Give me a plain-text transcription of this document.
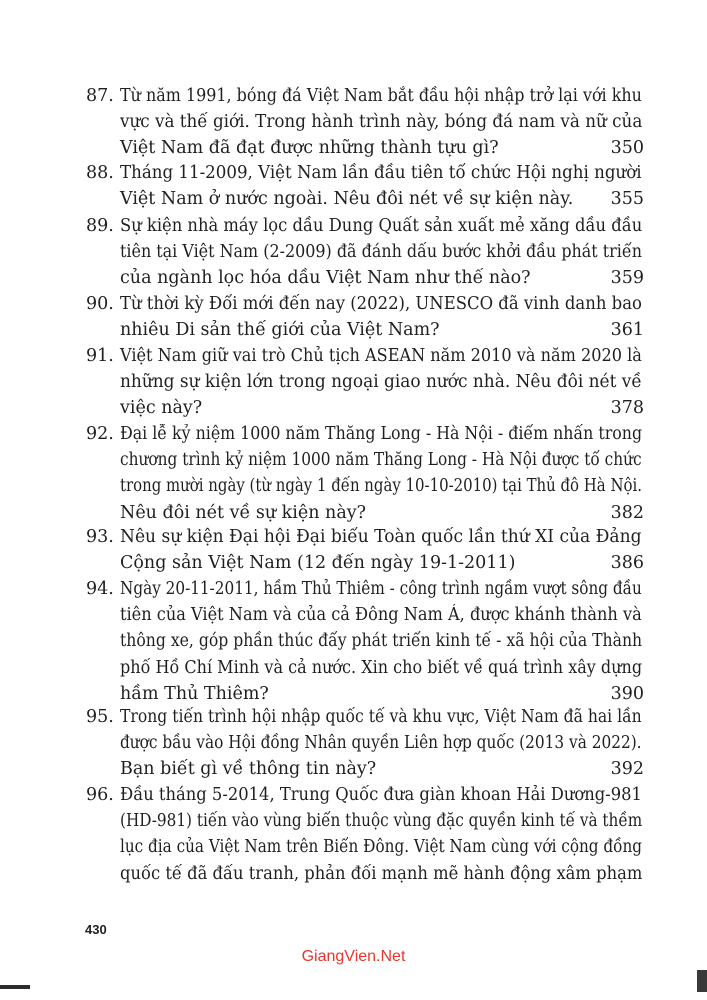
87. Từ năm 1991, bóng đá Việt Nam bắt đầu hội nhập trở lại với khuvực và thế giới. Trong hành trình này, bóng đá nam và nữ của
Việt Nam đã đạt được những thành tựu gì?	350
88. Tháng 11-2009, Việt Nam lần đầu tiên tổ chức Hội nghị người
Việt Nam ở nước ngoài. Nêu đôi nét về sự kiện này.	355
89. Sự kiện nhà máy lọc dầu Dung Quất sản xuất mẻ xăng dầu đầutiên tại Việt Nam (2-2009) đã đánh dấu bước khởi đầu phát triển
của ngành lọc hóa dầu Việt Nam như thế nào?	359
90. Từ thời kỳ Đổi mới đến nay (2022), UNESCO đã vinh danh bao
nhiêu Di sản thế giới của Việt Nam?	361
91. Việt Nam giữ vai trò Chủ tịch ASEAN năm 2010 và năm 2020 lànhững sự kiện lớn trong ngoại giao nước nhà. Nêu đôi nét về
việc này?	378
92. Đại lễ kỷ niệm 1000 năm Thăng Long - Hà Nội - điểm nhấn trongchương trình kỷ niệm 1000 năm Thăng Long - Hà Nội được tổ chứctrong mười ngày (từ ngày 1 đến ngày 10-10-2010) tại Thủ đô Hà Nội.
Nêu đôi nét về sự kiện này?	382
93. Nêu sự kiện Đại hội Đại biểu Toàn quốc lần thứ XI của Đảng
Cộng sản Việt Nam (12 đến ngày 19-1-2011)	386
94. Ngày 20-11-2011, hầm Thủ Thiêm - công trình ngầm vượt sông đầutiên của Việt Nam và của cả Đông Nam Á, được khánh thành vàthông xe, góp phần thúc đẩy phát triển kinh tế - xã hội của Thànhphố Hồ Chí Minh và cả nước. Xin cho biết về quá trình xây dựng
hầm Thủ Thiêm?	390
95. Trong tiến trình hội nhập quốc tế và khu vực, Việt Nam đã hai lầnđược bầu vào Hội đồng Nhân quyền Liên hợp quốc (2013 và 2022).
Bạn biết gì về thông tin này?	392
96. Đầu tháng 5-2014, Trung Quốc đưa giàn khoan Hải Dương-981(HD-981) tiến vào vùng biển thuộc vùng đặc quyền kinh tế và thềmlục địa của Việt Nam trên Biển Đông. Việt Nam cùng với cộng đồngquốc tế đã đấu tranh, phản đối mạnh mẽ hành động xâm phạm
430
GiangVien.Net
